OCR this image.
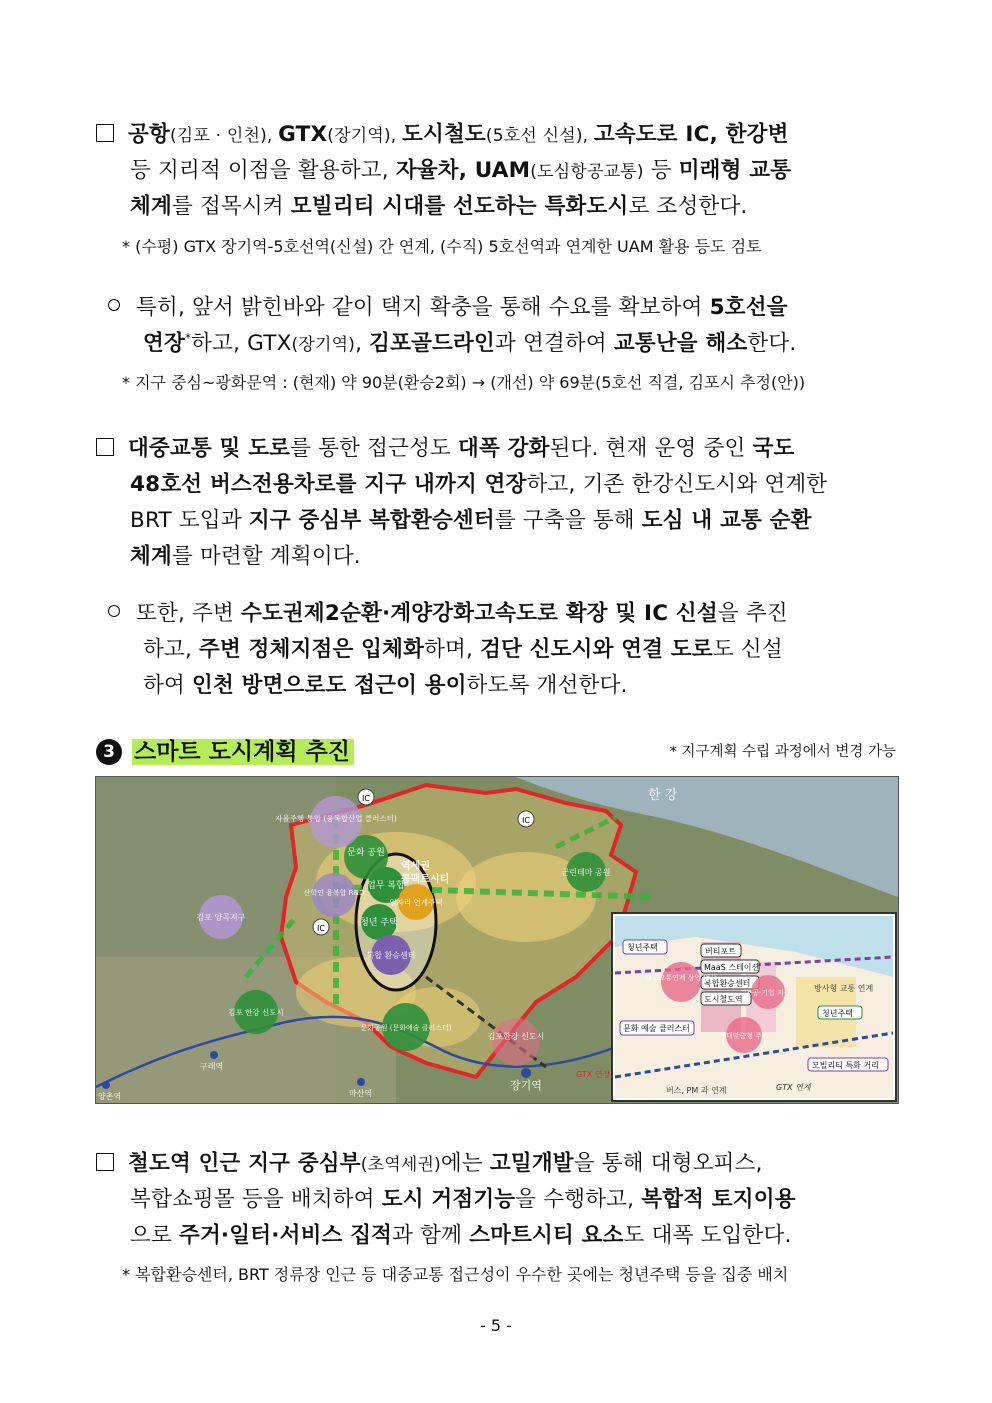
공항(김포 · 인천), GTX(장기역), 도시철도(5호선 신설), 고속도로 IC, 한강변
등 지리적 이점을 활용하고, 자율차, UAM(도심항공교통) 등 미래형 교통
체계를 접목시켜 모빌리티 시대를 선도하는 특화도시로 조성한다.
* (수평) GTX 장기역-5호선역(신설) 간 연계, (수직) 5호선역과 연계한 UAM 활용 등도 검토
특히, 앞서 밝힌바와 같이 택지 확충을 통해 수요를 확보하여 5호선을
연장*하고, GTX(장기역), 김포골드라인과 연결하여 교통난을 해소한다.
* 지구 중심~광화문역 : (현재) 약 90분(환승2회) → (개선) 약 69분(5호선 직결, 김포시 추정(안))
대중교통 및 도로를 통한 접근성도 대폭 강화된다. 현재 운영 중인 국도
48호선 버스전용차로를 지구 내까지 연장하고, 기존 한강신도시와 연계한
BRT 도입과 지구 중심부 복합환승센터를 구축을 통해 도심 내 교통 순환
체계를 마련할 계획이다.
또한, 주변 수도권제2순환·계양강화고속도로 확장 및 IC 신설을 추진
하고, 주변 정체지점은 입체화하며, 검단 신도시와 연결 도로도 신설
하여 인천 방면으로도 접근이 용이하도록 개선한다.
3 스마트 도시계획 추진	* 지구계획 수립 과정에서 변경 가능
한 강
문화 공원
자율주행 통합 (융복합산업 클러스터)
산학연 융복합 R&D
업무 복합
일자리 연계주택
청년 주택
복합 환승센터
근린테마 공원
김포 양곡지구
김포 한강 신도시
문화공원 (문화예술 클러스터)
김포한강 신도시
역세권
콤팩트시티
IC
IC
IC
장기역
구래역
마산역
양촌역
GTX 연장
청년주택	버티포트
MaaS 스테이션
복합환승센터
도시철도역
대중교통연계 상업·업무
공공·기업 지원	방사형 교통 연계
청년주택
문화 예술 클러스터
세대맞춤형 주거
모빌리티 특화 거리
버스, PM 과 연계	GTX 연계
철도역 인근 지구 중심부(초역세권)에는 고밀개발을 통해 대형오피스,
복합쇼핑몰 등을 배치하여 도시 거점기능을 수행하고, 복합적 토지이용
으로 주거·일터·서비스 집적과 함께 스마트시티 요소도 대폭 도입한다.
* 복합환승센터, BRT 정류장 인근 등 대중교통 접근성이 우수한 곳에는 청년주택 등을 집중 배치
- 5 -
